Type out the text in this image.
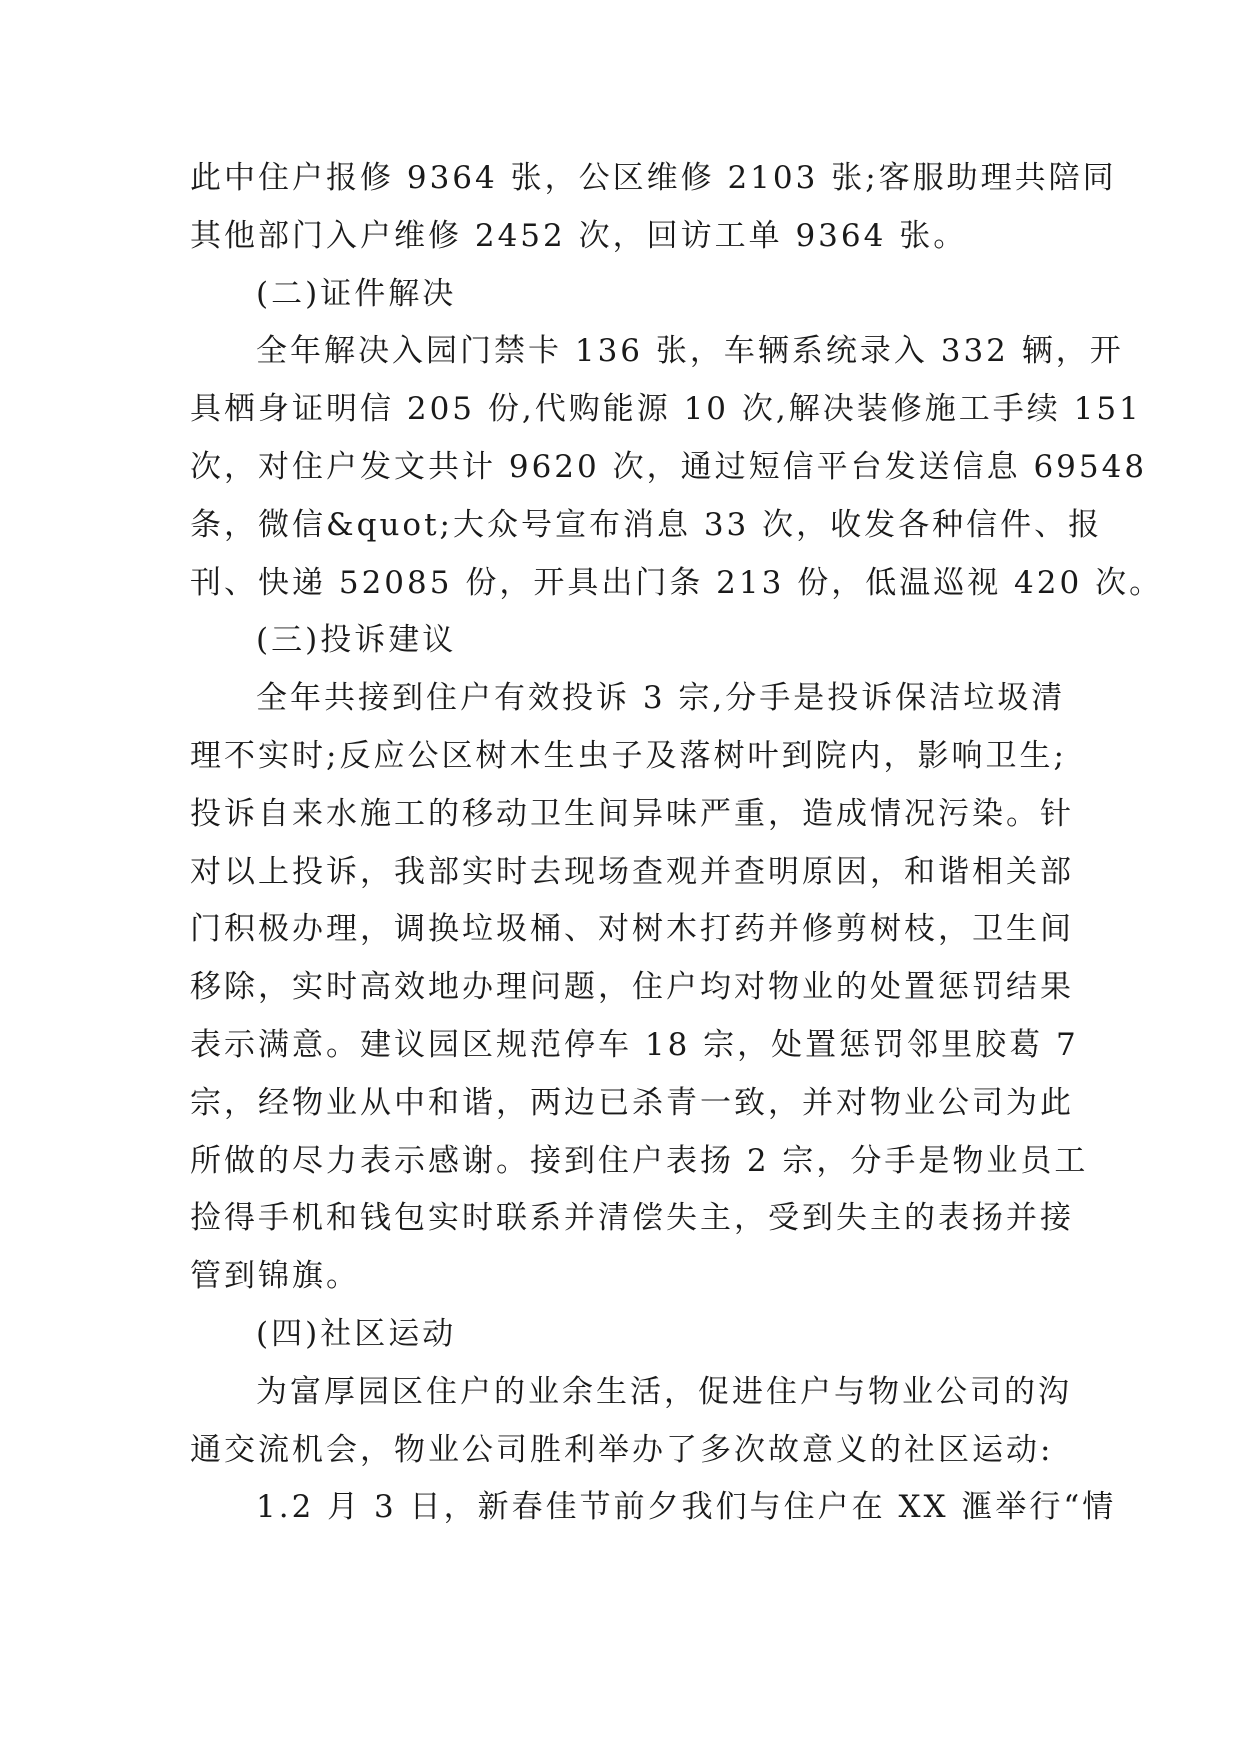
此中住户报修 9364 张，公区维修 2103 张;客服助理共陪同
其他部门入户维修 2452 次，回访工单 9364 张。
(二)证件解决
全年解决入园门禁卡 136 张，车辆系统录入 332 辆，开
具栖身证明信 205 份,代购能源 10 次,解决装修施工手续 151
次，对住户发文共计 9620 次，通过短信平台发送信息 69548
条，微信&quot;大众号宣布消息 33 次，收发各种信件、报
刊、快递 52085 份，开具出门条 213 份，低温巡视 420 次。
(三)投诉建议
全年共接到住户有效投诉 3 宗,分手是投诉保洁垃圾清
理不实时;反应公区树木生虫子及落树叶到院内，影响卫生;
投诉自来水施工的移动卫生间异味严重，造成情况污染。针
对以上投诉，我部实时去现场查观并查明原因，和谐相关部
门积极办理，调换垃圾桶、对树木打药并修剪树枝，卫生间
移除，实时高效地办理问题，住户均对物业的处置惩罚结果
表示满意。建议园区规范停车 18 宗，处置惩罚邻里胶葛 7
宗，经物业从中和谐，两边已杀青一致，并对物业公司为此
所做的尽力表示感谢。接到住户表扬 2 宗，分手是物业员工
捡得手机和钱包实时联系并清偿失主，受到失主的表扬并接
管到锦旗。
(四)社区运动
为富厚园区住户的业余生活，促进住户与物业公司的沟
通交流机会，物业公司胜利举办了多次故意义的社区运动:
1.2 月 3 日，新春佳节前夕我们与住户在 XX 滙举行“情
